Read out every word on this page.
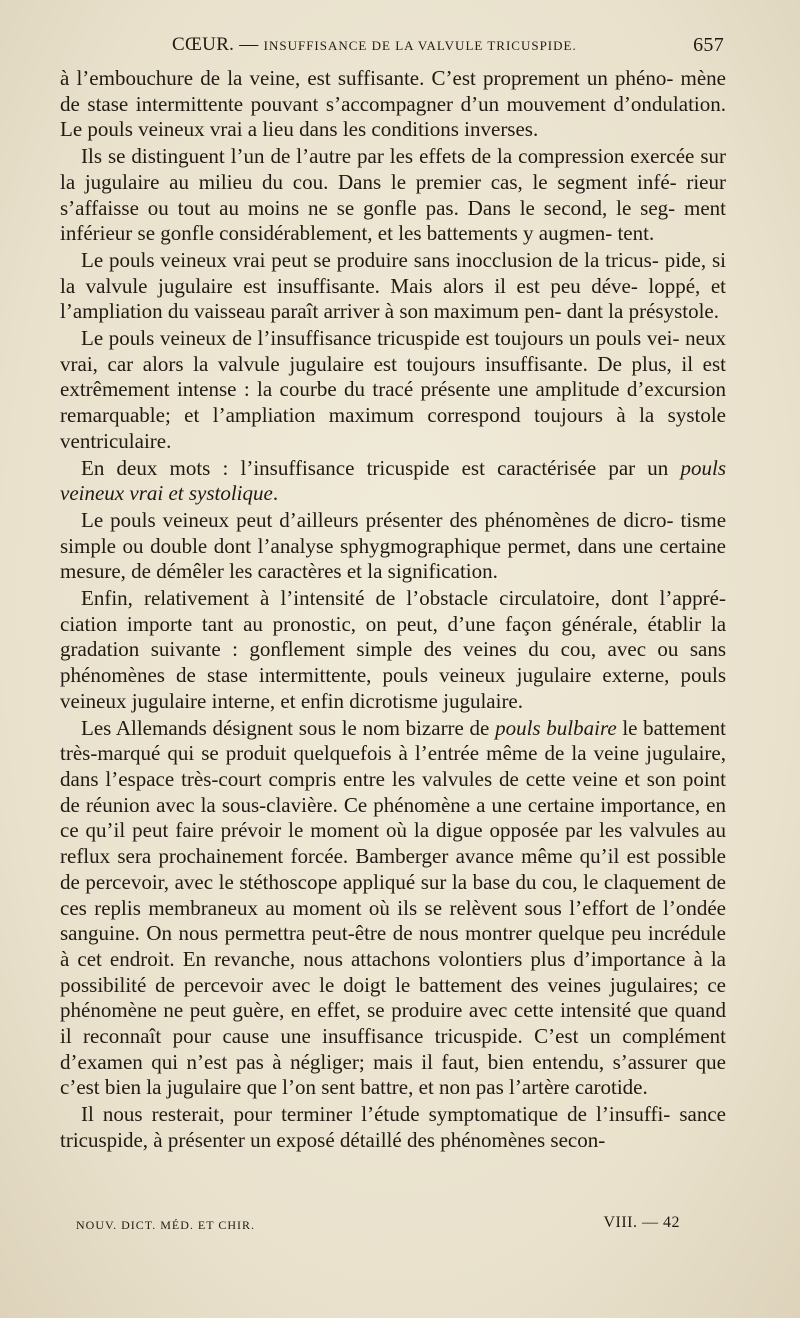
CŒUR. — INSUFFISANCE DE LA VALVULE TRICUSPIDE.	657

à l’embouchure de la veine, est suffisante. C’est proprement un phéno- mène de stase intermittente pouvant s’accompagner d’un mouvement d’ondulation. Le pouls veineux vrai a lieu dans les conditions inverses.

Ils se distinguent l’un de l’autre par les effets de la compression exercée sur la jugulaire au milieu du cou. Dans le premier cas, le segment infé- rieur s’affaisse ou tout au moins ne se gonfle pas. Dans le second, le seg- ment inférieur se gonfle considérablement, et les battements y augmen- tent.

Le pouls veineux vrai peut se produire sans inocclusion de la tricus- pide, si la valvule jugulaire est insuffisante. Mais alors il est peu déve- loppé, et l’ampliation du vaisseau paraît arriver à son maximum pen- dant la présystole.

Le pouls veineux de l’insuffisance tricuspide est toujours un pouls vei- neux vrai, car alors la valvule jugulaire est toujours insuffisante. De plus, il est extrêmement intense : la courbe du tracé présente une amplitude d’excursion remarquable; et l’ampliation maximum correspond toujours à la systole ventriculaire.

En deux mots : l’insuffisance tricuspide est caractérisée par un pouls veineux vrai et systolique.

Le pouls veineux peut d’ailleurs présenter des phénomènes de dicro- tisme simple ou double dont l’analyse sphygmographique permet, dans une certaine mesure, de démêler les caractères et la signification.

Enfin, relativement à l’intensité de l’obstacle circulatoire, dont l’appré- ciation importe tant au pronostic, on peut, d’une façon générale, établir la gradation suivante : gonflement simple des veines du cou, avec ou sans phénomènes de stase intermittente, pouls veineux jugulaire externe, pouls veineux jugulaire interne, et enfin dicrotisme jugulaire.

Les Allemands désignent sous le nom bizarre de pouls bulbaire le battement très-marqué qui se produit quelquefois à l’entrée même de la veine jugulaire, dans l’espace très-court compris entre les valvules de cette veine et son point de réunion avec la sous-clavière. Ce phénomène a une certaine importance, en ce qu’il peut faire prévoir le moment où la digue opposée par les valvules au reflux sera prochainement forcée. Bamberger avance même qu’il est possible de percevoir, avec le stéthoscope appliqué sur la base du cou, le claquement de ces replis membraneux au moment où ils se relèvent sous l’effort de l’ondée sanguine. On nous permettra peut-être de nous montrer quelque peu incrédule à cet endroit. En revanche, nous attachons volontiers plus d’importance à la possibilité de percevoir avec le doigt le battement des veines jugulaires; ce phénomène ne peut guère, en effet, se produire avec cette intensité que quand il reconnaît pour cause une insuffisance tricuspide. C’est un complément d’examen qui n’est pas à négliger; mais il faut, bien entendu, s’assurer que c’est bien la jugulaire que l’on sent battre, et non pas l’artère carotide.

Il nous resterait, pour terminer l’étude symptomatique de l’insuffi- sance tricuspide, à présenter un exposé détaillé des phénomènes secon-

NOUV. DICT. MÉD. ET CHIR.	VIII. — 42
